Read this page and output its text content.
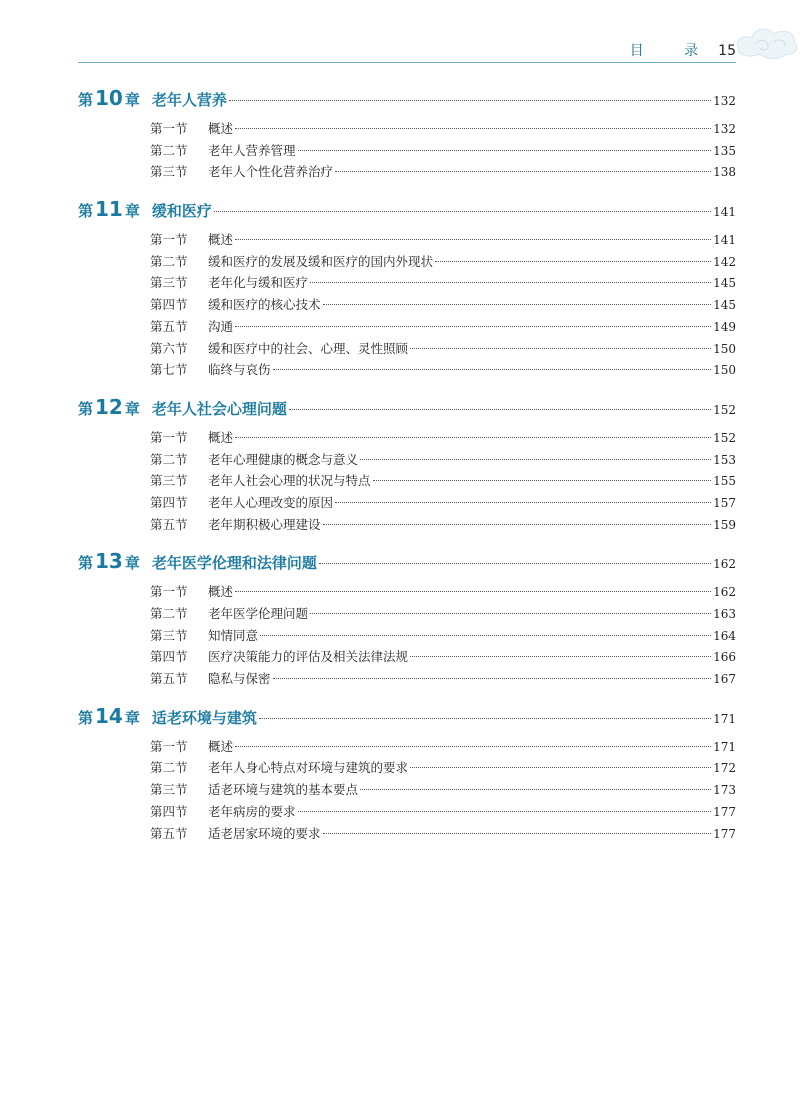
目 录 15
第 10 章 老年人营养	132
第一节	概述	132
第二节	老年人营养管理	135
第三节	老年人个性化营养治疗	138
第 11 章 缓和医疗	141
第一节	概述	141
第二节	缓和医疗的发展及缓和医疗的国内外现状	142
第三节	老年化与缓和医疗	145
第四节	缓和医疗的核心技术	145
第五节	沟通	149
第六节	缓和医疗中的社会、心理、灵性照顾	150
第七节	临终与哀伤	150
第 12 章 老年人社会心理问题	152
第一节	概述	152
第二节	老年心理健康的概念与意义	153
第三节	老年人社会心理的状况与特点	155
第四节	老年人心理改变的原因	157
第五节	老年期积极心理建设	159
第 13 章 老年医学伦理和法律问题	162
第一节	概述	162
第二节	老年医学伦理问题	163
第三节	知情同意	164
第四节	医疗决策能力的评估及相关法律法规	166
第五节	隐私与保密	167
第 14 章 适老环境与建筑	171
第一节	概述	171
第二节	老年人身心特点对环境与建筑的要求	172
第三节	适老环境与建筑的基本要点	173
第四节	老年病房的要求	177
第五节	适老居家环境的要求	177
